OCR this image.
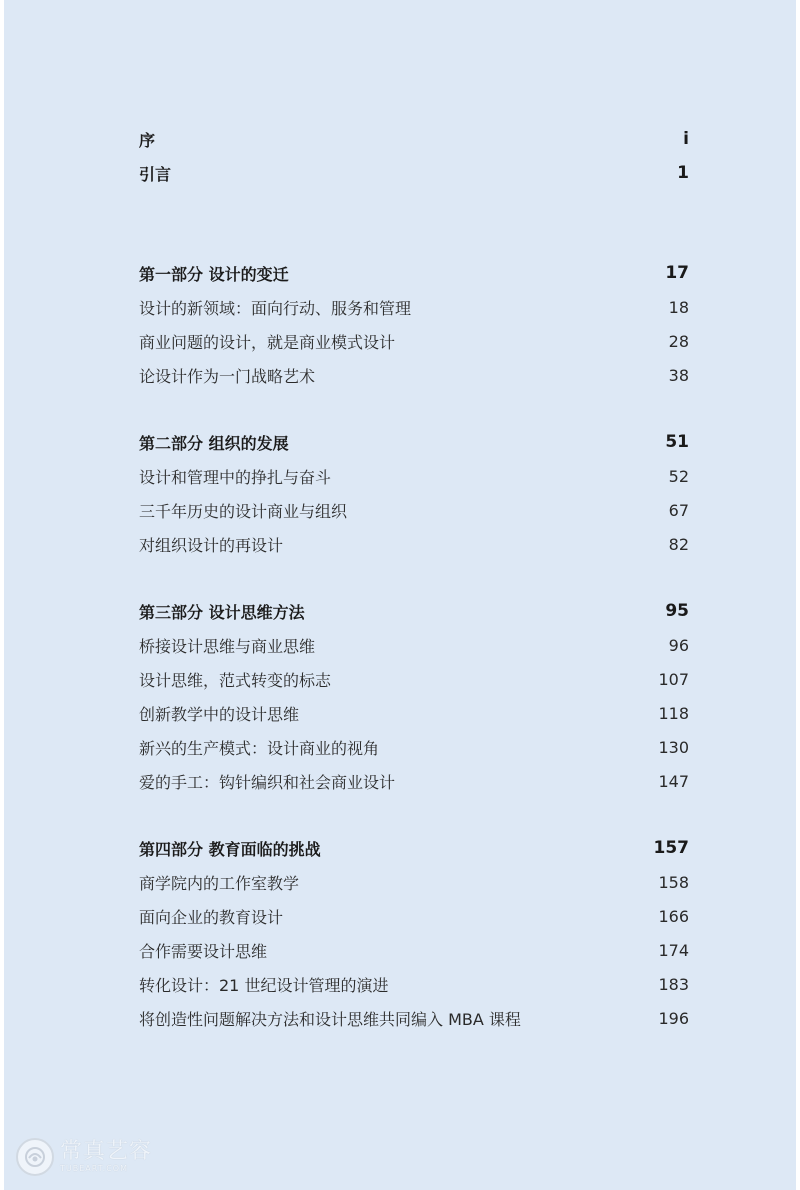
序	i
引言	1
第一部分 设计的变迁	17
设计的新领域：面向行动、服务和管理	18
商业问题的设计，就是商业模式设计	28
论设计作为一门战略艺术	38
第二部分 组织的发展	51
设计和管理中的挣扎与奋斗	52
三千年历史的设计商业与组织	67
对组织设计的再设计	82
第三部分 设计思维方法	95
桥接设计思维与商业思维	96
设计思维，范式转变的标志	107
创新教学中的设计思维	118
新兴的生产模式：设计商业的视角	130
爱的手工：钩针编织和社会商业设计	147
第四部分 教育面临的挑战	157
商学院内的工作室教学	158
面向企业的教育设计	166
合作需要设计思维	174
转化设计：21 世纪设计管理的演进	183
将创造性问题解决方法和设计思维共同编入 MBA 课程	196
常真艺容
TUBEART.COM
